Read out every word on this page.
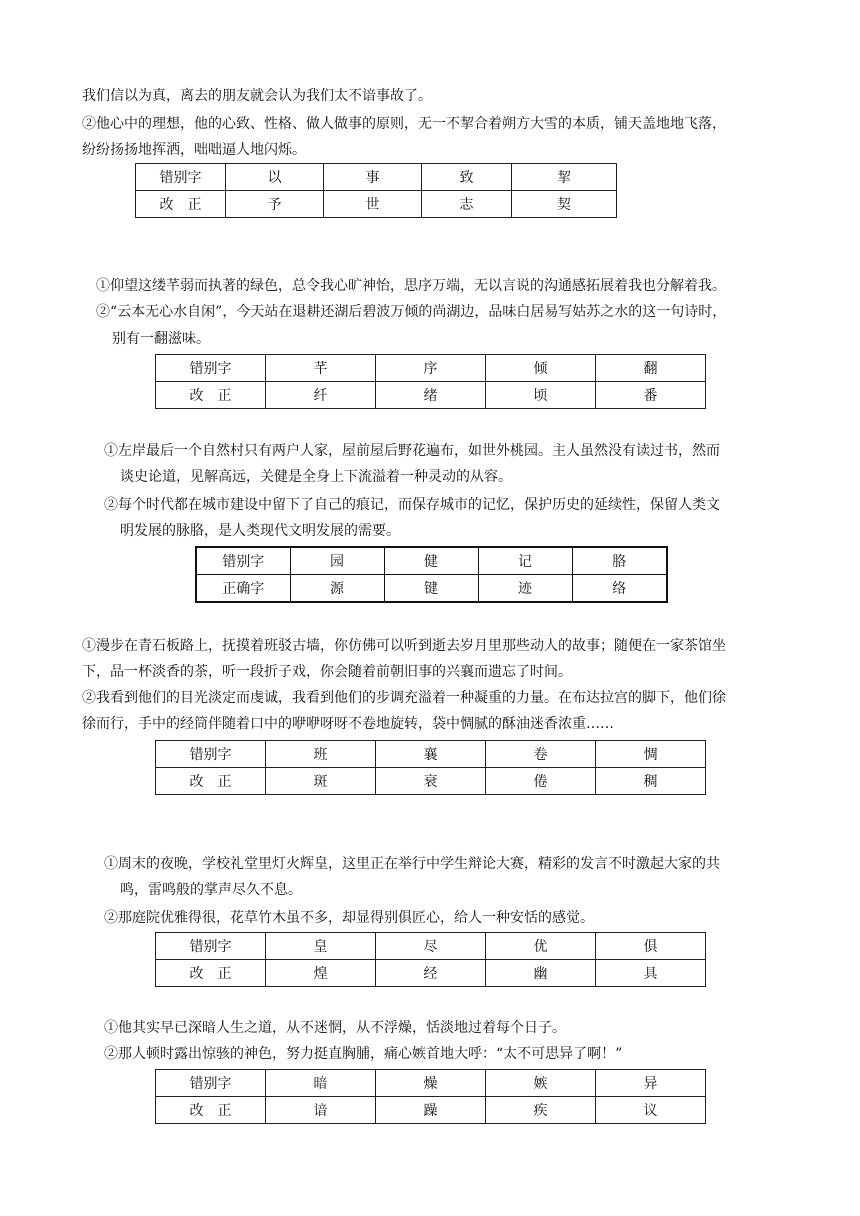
我们信以为真，离去的朋友就会认为我们太不谙事故了。
②他心中的理想，他的心致、性格、做人做事的原则，无一不挈合着朔方大雪的本质，铺天盖地地飞落，
纷纷扬扬地挥洒，咄咄逼人地闪烁。
错别字	以	事	致	挈
改　正	予	世	志	契
①仰望这缕芊弱而执著的绿色，总令我心旷神怡，思序万端，无以言说的沟通感拓展着我也分解着我。
②“云本无心水自闲”，今天站在退耕还湖后碧波万倾的尚湖边，品味白居易写姑苏之水的这一句诗时，
别有一翻滋味。
错别字	芊	序	倾	翻
改　正	纤	绪	顷	番
①左岸最后一个自然村只有两户人家，屋前屋后野花遍布，如世外桃园。主人虽然没有读过书，然而
谈史论道，见解高远，关健是全身上下流溢着一种灵动的从容。
②每个时代都在城市建设中留下了自己的痕记，而保存城市的记忆，保护历史的延续性，保留人类文
明发展的脉胳，是人类现代文明发展的需要。
错别字	园	健	记	胳
正确字	源	键	迹	络
①漫步在青石板路上，抚摸着班驳古墙，你仿佛可以听到逝去岁月里那些动人的故事；随便在一家茶馆坐
下，品一杯淡香的茶，听一段折子戏，你会随着前朝旧事的兴襄而遗忘了时间。
②我看到他们的目光淡定而虔诚，我看到他们的步调充溢着一种凝重的力量。在布达拉宫的脚下，他们徐
徐而行，手中的经筒伴随着口中的咿咿呀呀不卷地旋转，袋中惆腻的酥油迷香浓重……
错别字	班	襄	卷	惆
改　正	斑	衰	倦	稠
①周末的夜晚，学校礼堂里灯火辉皇，这里正在举行中学生辩论大赛，精彩的发言不时激起大家的共
鸣，雷鸣般的掌声尽久不息。
②那庭院优雅得很，花草竹木虽不多，却显得别俱匠心，给人一种安恬的感觉。
错别字	皇	尽	优	俱
改　正	煌	经	幽	具
①他其实早已深暗人生之道，从不迷惘，从不浮燥，恬淡地过着每个日子。
②那人顿时露出惊骇的神色，努力挺直胸脯，痛心嫉首地大呼：“太不可思异了啊！”
错别字	暗	燥	嫉	异
改　正	谙	躁	疾	议
